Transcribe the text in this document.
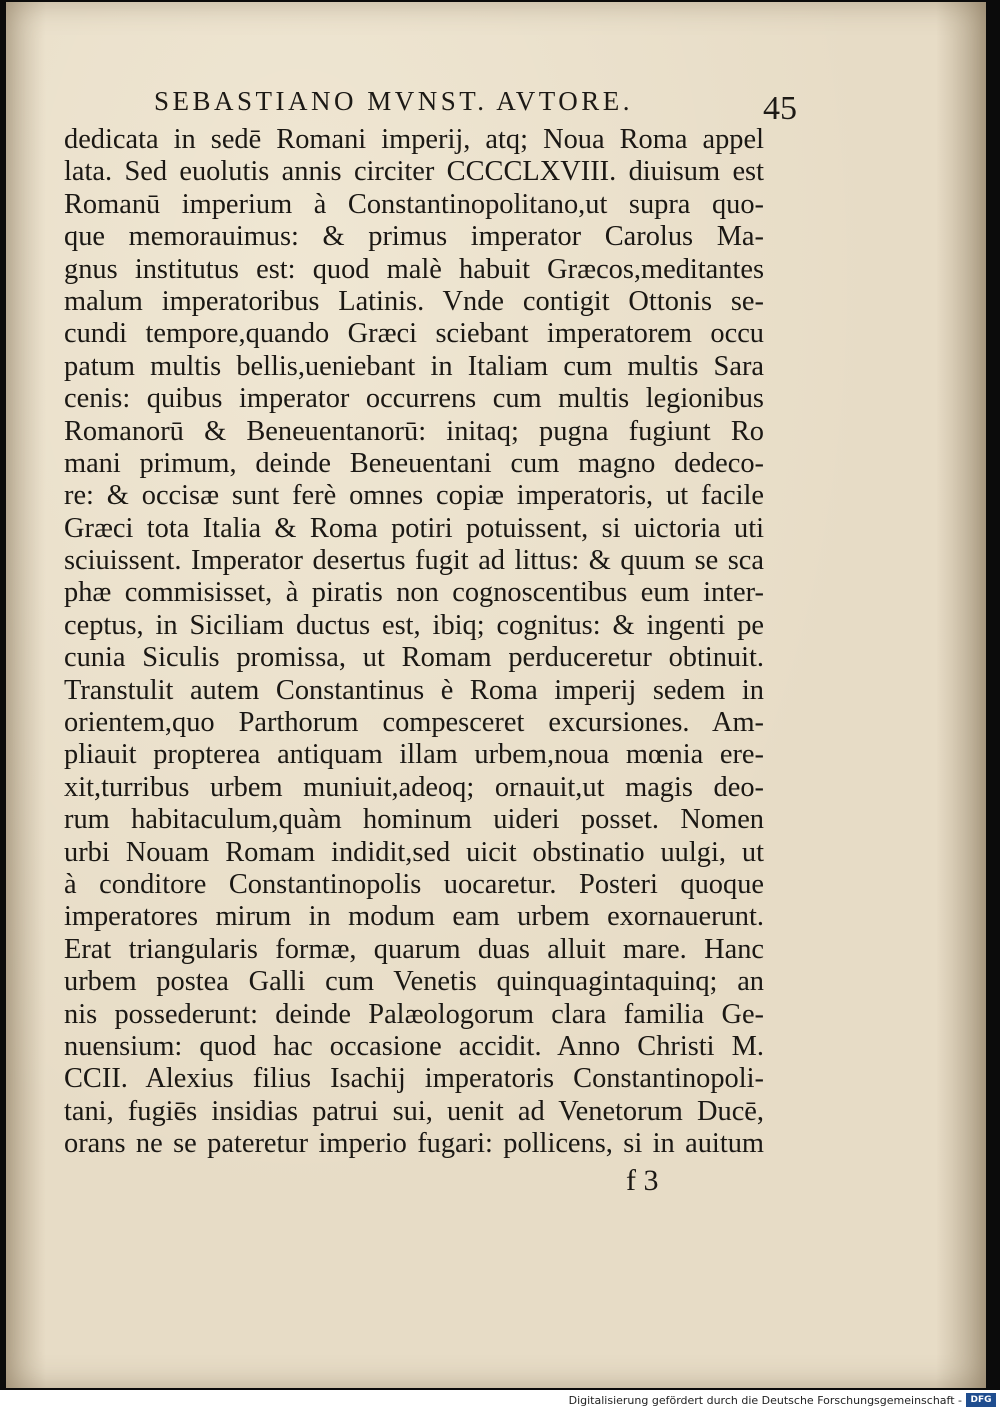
SEBASTIANO MVNST. AVTORE.	45
dedicata in sedē Romani imperij, atq; Noua Roma appel
lata. Sed euolutis annis circiter CCCCLXVIII. diuisum est
Romanū imperium à Constantinopolitano,ut supra quo-
que memorauimus: & primus imperator Carolus Ma-
gnus institutus est: quod malè habuit Græcos,meditantes
malum imperatoribus Latinis. Vnde contigit Ottonis se-
cundi tempore,quando Græci sciebant imperatorem occu
patum multis bellis,ueniebant in Italiam cum multis Sara
cenis: quibus imperator occurrens cum multis legionibus
Romanorū & Beneuentanorū: initaq; pugna fugiunt Ro
mani primum, deinde Beneuentani cum magno dedeco-
re: & occisæ sunt ferè omnes copiæ imperatoris, ut facile
Græci tota Italia & Roma potiri potuissent, si uictoria uti
sciuissent. Imperator desertus fugit ad littus: & quum se sca
phæ commisisset, à piratis non cognoscentibus eum inter-
ceptus, in Siciliam ductus est, ibiq; cognitus: & ingenti pe
cunia Siculis promissa, ut Romam perduceretur obtinuit.
Transtulit autem Constantinus è Roma imperij sedem in
orientem,quo Parthorum compesceret excursiones. Am-
pliauit propterea antiquam illam urbem,noua mœnia ere-
xit,turribus urbem muniuit,adeoq; ornauit,ut magis deo-
rum habitaculum,quàm hominum uideri posset. Nomen
urbi Nouam Romam indidit,sed uicit obstinatio uulgi, ut
à conditore Constantinopolis uocaretur. Posteri quoque
imperatores mirum in modum eam urbem exornauerunt.
Erat triangularis formæ, quarum duas alluit mare. Hanc
urbem postea Galli cum Venetis quinquagintaquinq; an
nis possederunt: deinde Palæologorum clara familia Ge-
nuensium: quod hac occasione accidit. Anno Christi M.
CCII. Alexius filius Isachij imperatoris Constantinopoli-
tani, fugiēs insidias patrui sui, uenit ad Venetorum Ducē,
orans ne se pateretur imperio fugari: pollicens, si in auitum
f 3
Digitalisierung gefördert durch die Deutsche Forschungsgemeinschaft - DFG
